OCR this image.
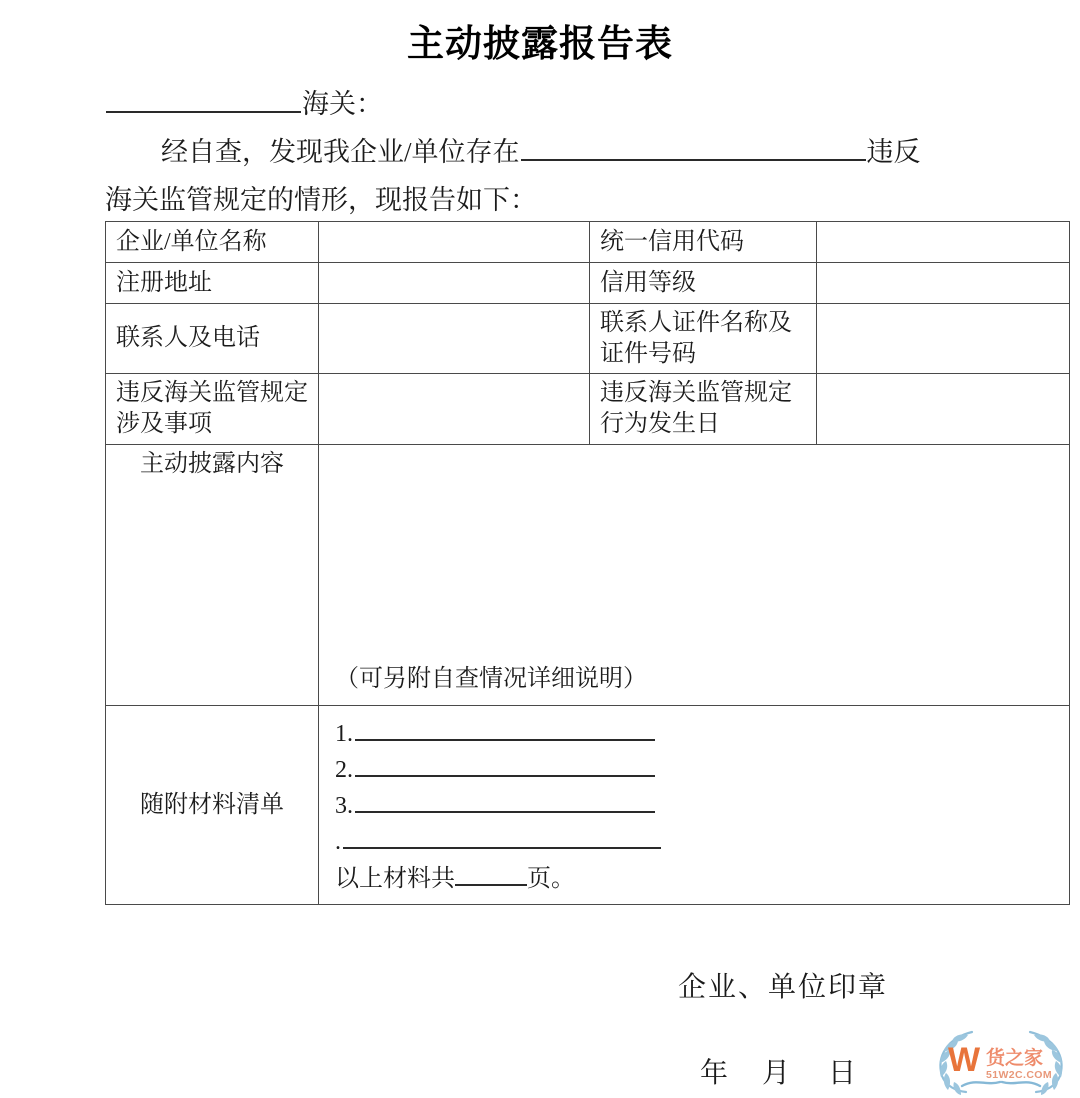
主动披露报告表
海关：
经自查，发现我企业/单位存在	违反
海关监管规定的情形，现报告如下：
企业/单位名称		统一信用代码	
注册地址		信用等级	
联系人及电话		联系人证件名称及证件号码	
违反海关监管规定涉及事项		违反海关监管规定行为发生日	
主动披露内容	（可另附自查情况详细说明）		

随附材料清单	1.
2.
3.
.
以上材料共 页。		
企业、单位印章
年 月 日	W 货之家
51W2C.COM
